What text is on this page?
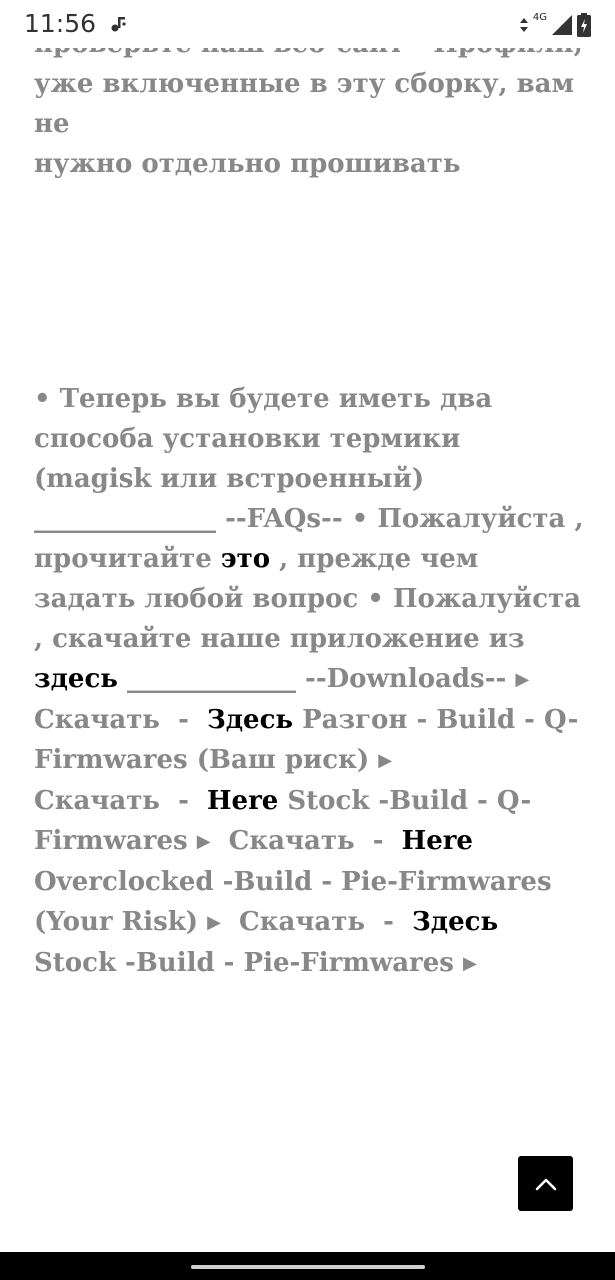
11:56	4G

уже включенные в эту сборку, вам не
нужно отдельно прошивать

• Теперь вы будете иметь два способа установки термики (magisk или встроенный) ______________ --FAQs-- • Пожалуйста , прочитайте это , прежде чем задать любой вопрос • Пожалуйста , скачайте наше приложение из здесь _____________ --Downloads-- ▶  Скачать - Здесь Разгон - Build - Q-Firmwares (Ваш риск) ▶
Скачать - Here Stock -Build - Q-Firmwares ▶ Скачать - Here Overclocked -Build - Pie-Firmwares (Your Risk) ▶ Скачать - Здесь Stock -Build - Pie-Firmwares ▶
